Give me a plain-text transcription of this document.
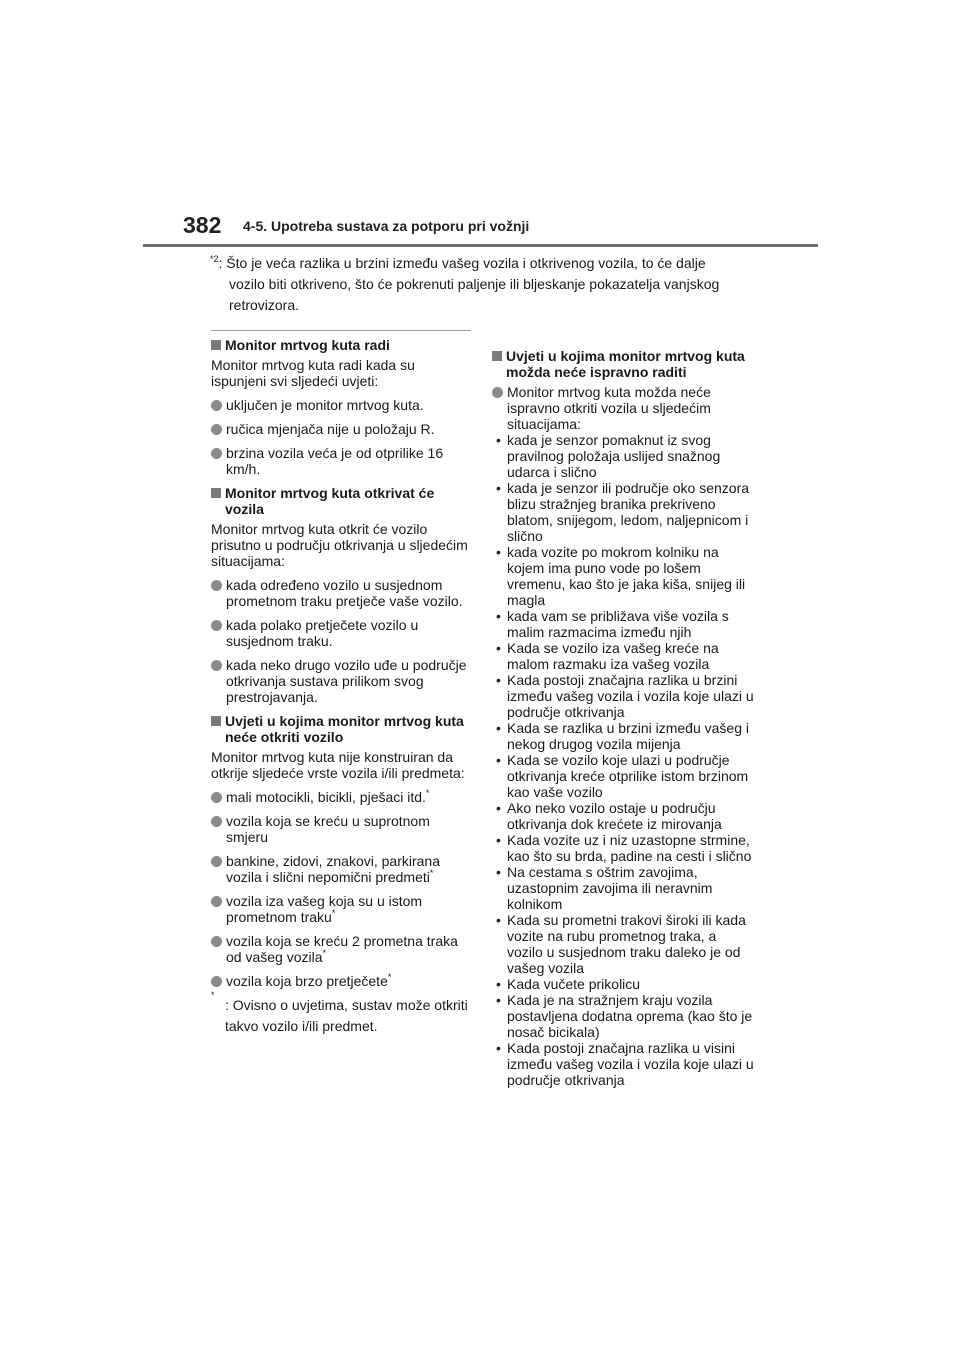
382 4-5. Upotreba sustava za potporu pri vožnji
$^{*2}$: Što je veća razlika u brzini između vašeg vozila i otkrivenog vozila, to će dalje
vozilo biti otkriveno, što će pokrenuti paljenje ili bljeskanje pokazatelja vanjskog retrovizora.
Monitor mrtvog kuta radi
Monitor mrtvog kuta radi kada su ispunjeni svi sljedeći uvjeti:
uključen je monitor mrtvog kuta.
ručica mjenjača nije u položaju R.
brzina vozila veća je od otprilike 16 km/h.
Monitor mrtvog kuta otkrivat će vozila
Monitor mrtvog kuta otkrit će vozilo prisutno u području otkrivanja u sljedećim situacijama:
kada određeno vozilo u susjednom prometnom traku pretječe vaše vozilo.
kada polako pretječete vozilo u susjednom traku.
kada neko drugo vozilo uđe u područje otkrivanja sustava prilikom svog prestrojavanja.
Uvjeti u kojima monitor mrtvog kuta neće otkriti vozilo
Monitor mrtvog kuta nije konstruiran da otkrije sljedeće vrste vozila i/ili predmeta:
mali motocikli, bicikli, pješaci itd.*
vozila koja se kreću u suprotnom smjeru
bankine, zidovi, znakovi, parkirana vozila i slični nepomični predmeti*
vozila iza vašeg koja su u istom prometnom traku*
vozila koja se kreću 2 prometna traka od vašeg vozila*
vozila koja brzo pretječete*
*
: Ovisno o uvjetima, sustav može otkriti takvo vozilo i/ili predmet.
Uvjeti u kojima monitor mrtvog kuta možda neće ispravno raditi
Monitor mrtvog kuta možda neće ispravno otkriti vozila u sljedećim situacijama:
• kada je senzor pomaknut iz svog pravilnog položaja uslijed snažnog udarca i slično
• kada je senzor ili područje oko senzora blizu stražnjeg branika prekriveno blatom, snijegom, ledom, naljepnicom i slično
• kada vozite po mokrom kolniku na kojem ima puno vode po lošem vremenu, kao što je jaka kiša, snijeg ili magla
• kada vam se približava više vozila s malim razmacima između njih
• Kada se vozilo iza vašeg kreće na malom razmaku iza vašeg vozila
• Kada postoji značajna razlika u brzini između vašeg vozila i vozila koje ulazi u područje otkrivanja
• Kada se razlika u brzini između vašeg i nekog drugog vozila mijenja
• Kada se vozilo koje ulazi u područje otkrivanja kreće otprilike istom brzinom kao vaše vozilo
• Ako neko vozilo ostaje u području otkrivanja dok krećete iz mirovanja
• Kada vozite uz i niz uzastopne strmine, kao što su brda, padine na cesti i slično
• Na cestama s oštrim zavojima, uzastopnim zavojima ili neravnim kolnikom
• Kada su prometni trakovi široki ili kada vozite na rubu prometnog traka, a vozilo u susjednom traku daleko je od vašeg vozila
• Kada vučete prikolicu
• Kada je na stražnjem kraju vozila postavljena dodatna oprema (kao što je nosač bicikala)
• Kada postoji značajna razlika u visini između vašeg vozila i vozila koje ulazi u područje otkrivanja
